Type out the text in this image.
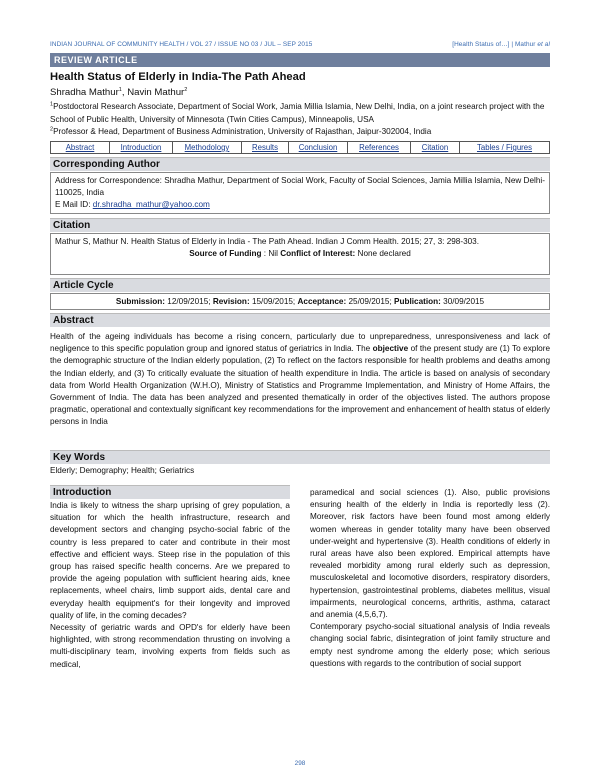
INDIAN JOURNAL OF COMMUNITY HEALTH / VOL 27 / ISSUE NO 03 / JUL – SEP 2015	[Health Status of…] | Mathur et al
REVIEW ARTICLE
Health Status of Elderly in India-The Path Ahead
Shradha Mathur$^1$, Navin Mathur$^2$
$^1$Postdoctoral Research Associate, Department of Social Work, Jamia Millia Islamia, New Delhi, India, on a joint research project with the School of Public Health, University of Minnesota (Twin Cities Campus), Minneapolis, USA
$^2$Professor & Head, Department of Business Administration, University of Rajasthan, Jaipur-302004, India
Abstract	Introduction	Methodology	Results	Conclusion	References	Citation	Tables / Figures
Corresponding Author
Address for Correspondence: Shradha Mathur, Department of Social Work, Faculty of Social Sciences, Jamia Millia Islamia, New Delhi-110025, India
E Mail ID: dr.shradha_mathur@yahoo.com
Citation
Mathur S, Mathur N. Health Status of Elderly in India - The Path Ahead. Indian J Comm Health. 2015; 27, 3: 298-303.
Source of Funding : Nil Conflict of Interest: None declared
Article Cycle
Submission: 12/09/2015; Revision: 15/09/2015; Acceptance: 25/09/2015; Publication: 30/09/2015
Abstract
Health of the ageing individuals has become a rising concern, particularly due to unpreparedness, unresponsiveness and lack of negligence to this specific population group and ignored status of geriatrics in India. The objective of the present study are (1) To explore the demographic structure of the Indian elderly population, (2) To reflect on the factors responsible for health problems and deaths among the Indian elderly, and (3) To critically evaluate the situation of health expenditure in India. The article is based on analysis of secondary data from World Health Organization (W.H.O), Ministry of Statistics and Programme Implementation, and Ministry of Home Affairs, the Government of India. The data has been analyzed and presented thematically in order of the objectives listed. The authors propose pragmatic, operational and contextually significant key recommendations for the improvement and enhancement of health status of elderly persons in India
Key Words
Elderly; Demography; Health; Geriatrics
Introduction

India is likely to witness the sharp uprising of grey population, a situation for which the health infrastructure, research and development sectors and changing psycho-social fabric of the country is less prepared to cater and contribute in their most effective and efficient ways. Steep rise in the population of this group has raised specific health concerns. Are we prepared to provide the ageing population with sufficient hearing aids, knee replacements, wheel chairs, limb support aids, dental care and everyday health equipment's for their longevity and improved quality of life, in the coming decades?

Necessity of geriatric wards and OPD's for elderly have been highlighted, with strong recommendation thrusting on involving a multi-disciplinary team, involving experts from fields such as medical,

paramedical and social sciences (1). Also, public provisions ensuring health of the elderly in India is reportedly less (2). Moreover, risk factors have been found most among elderly women whereas in gender totality many have been observed under-weight and hypertensive (3). Health conditions of elderly in rural areas have also been explored. Empirical attempts have revealed morbidity among rural elderly such as depression, musculoskeletal and locomotive disorders, respiratory disorders, hypertension, gastrointestinal problems, diabetes mellitus, visual impairments, neurological concerns, arthritis, asthma, cataract and anemia (4,5,6,7).

Contemporary psycho-social situational analysis of India reveals changing social fabric, disintegration of joint family structure and empty nest syndrome among the elderly pose; which serious questions with regards to the contribution of social support

298
